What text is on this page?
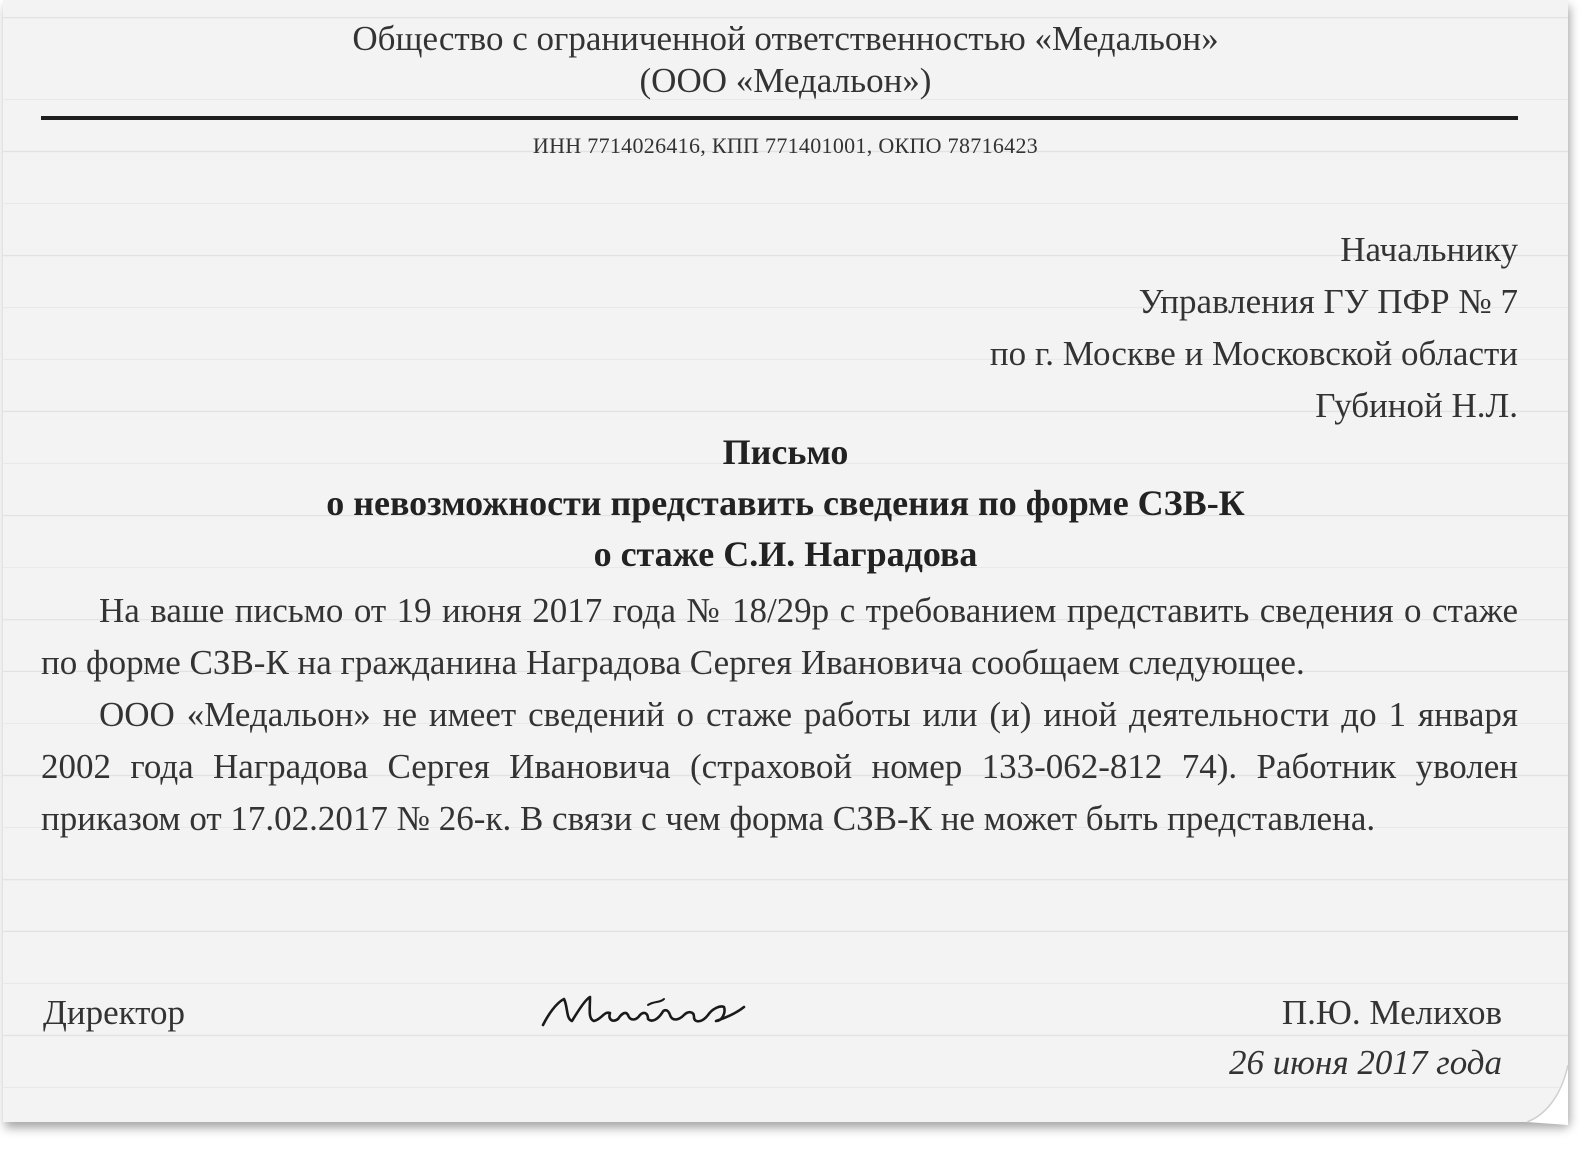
Общество с ограниченной ответственностью «Медальон»
(ООО «Медальон»)
ИНН 7714026416, КПП 771401001, ОКПО 78716423
Начальнику
Управления ГУ ПФР № 7
по г. Москве и Московской области
Губиной Н.Л.
Письмо
о невозможности представить сведения по форме СЗВ-К
о стаже С.И. Наградова

На ваше письмо от 19 июня 2017 года № 18/29р с требованием представить сведения о стаже по форме СЗВ-К на гражданина Наградова Сергея Ивановича сообщаем следующее.

ООО «Медальон» не имеет сведений о стаже работы или (и) иной деятельности до 1 января 2002 года Наградова Сергея Ивановича (страховой номер 133-062-812 74). Работник уволен приказом от 17.02.2017 № 26-к. В связи с чем форма СЗВ-К не может быть представлена.

Директор	П.Ю. Мелихов
26 июня 2017 года
